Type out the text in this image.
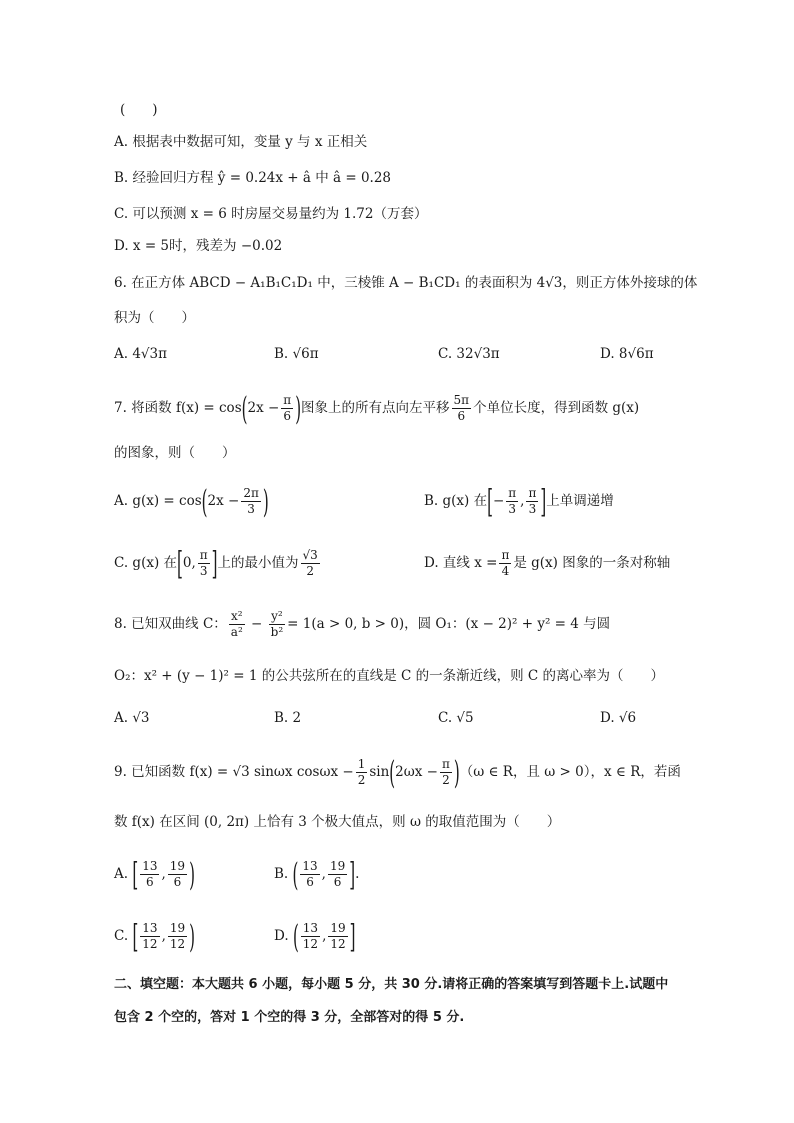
(　　)
A. 根据表中数据可知，变量 y 与 x 正相关
B. 经验回归方程 ŷ = 0.24x + â 中 â = 0.28
C. 可以预测 x = 6 时房屋交易量约为 1.72（万套）
D. x = 5时，残差为 −0.02
6. 在正方体 ABCD − A₁B₁C₁D₁ 中，三棱锥 A − B₁CD₁ 的表面积为 4√3，则正方体外接球的体
积为（　　）
A. 4√3π	B. √6π	C. 32√3π	D. 8√6π
7. 将函数 $f(x) = \cos(2x - \frac{\pi}{6}$ )图象上的所有点向左平移 $\frac{5\pi}{6}$ 个单位长度，得到函数 g(x)
的图象，则（　　）
A. $g(x) = \cos(2x - \frac{2\pi}{3}$ )	B. g(x) 在[− $\frac{\pi}{3}$ , $\frac{\pi}{3}$ ]上单调递增
C. g(x) 在[0, $\frac{\pi}{3}$ ]上的最小值为 $\frac{√3}{2}$	D. 直线 $x = \frac{\pi}{4}$ 是 g(x) 图象的一条对称轴
8. 已知双曲线 C： $\frac{\text{x²}}{\text{a²}} - \frac{\text{y²}}{\text{b²}} = 1(a > 0$, b > 0)，圆 O₁：(x − 2)² + y² = 4 与圆
O₂：x² + (y − 1)² = 1 的公共弦所在的直线是 C 的一条渐近线，则 C 的离心率为（　　）
A. √3	B. 2	C. √5	D. √6
9. 已知函数 f(x) = √3 sinωx $\cos\omega x - \frac{1}{2} \sin(2\omega x - \frac{\pi}{2} )(\omega$ ∈ R，且 ω > 0），x ∈ R，若函
数 f(x) 在区间 (0, 2π) 上恰有 3 个极大值点，则 ω 的取值范围为（　　）
A. [ $\frac{13}{6}$ , $\frac{19}{6}$ )	B. ( $\frac{13}{6}$ , $\frac{19}{6}$ ].
C. [ $\frac{13}{12}$ , $\frac{19}{12}$ )	D. ( $\frac{13}{12}$ , $\frac{19}{12}$ ]
二、填空题：本大题共 6 小题，每小题 5 分，共 30 分.请将正确的答案填写到答题卡上.试题中
包含 2 个空的，答对 1 个空的得 3 分，全部答对的得 5 分.
